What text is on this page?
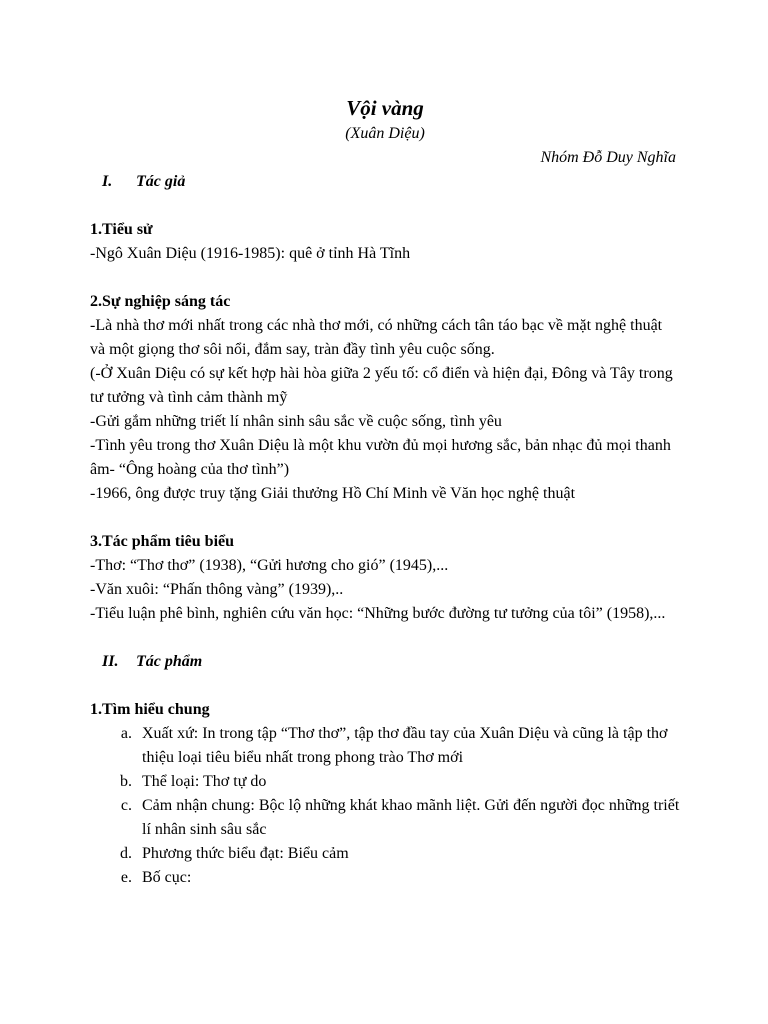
Vội vàng
(Xuân Diệu)
Nhóm Đỗ Duy Nghĩa
I.	Tác giả
1.Tiểu sử

-Ngô Xuân Diệu (1916-1985): quê ở tỉnh Hà Tĩnh

2.Sự nghiệp sáng tác

-Là nhà thơ mới nhất trong các nhà thơ mới, có những cách tân táo bạc về mặt nghệ thuật và một giọng thơ sôi nổi, đắm say, tràn đầy tình yêu cuộc sống.

(-Ở Xuân Diệu có sự kết hợp hài hòa giữa 2 yếu tố: cổ điển và hiện đại, Đông và Tây trong tư tưởng và tình cảm thành mỹ

-Gửi gắm những triết lí nhân sinh sâu sắc về cuộc sống, tình yêu

-Tình yêu trong thơ Xuân Diệu là một khu vườn đủ mọi hương sắc, bản nhạc đủ mọi thanh âm- “Ông hoàng của thơ tình”)

-1966, ông được truy tặng Giải thưởng Hồ Chí Minh về Văn học nghệ thuật

3.Tác phẩm tiêu biểu

-Thơ: “Thơ thơ” (1938), “Gửi hương cho gió” (1945),...

-Văn xuôi: “Phấn thông vàng” (1939),..

-Tiểu luận phê bình, nghiên cứu văn học: “Những bước đường tư tưởng của tôi” (1958),...

II.	Tác phẩm
1.Tìm hiểu chung
a. Xuất xứ: In trong tập “Thơ thơ”, tập thơ đầu tay của Xuân Diệu và cũng là tập thơ thiệu loại tiêu biểu nhất trong phong trào Thơ mới
b. Thể loại: Thơ tự do
c. Cảm nhận chung: Bộc lộ những khát khao mãnh liệt. Gửi đến người đọc những triết lí nhân sinh sâu sắc
d. Phương thức biểu đạt: Biểu cảm
e. Bố cục:
